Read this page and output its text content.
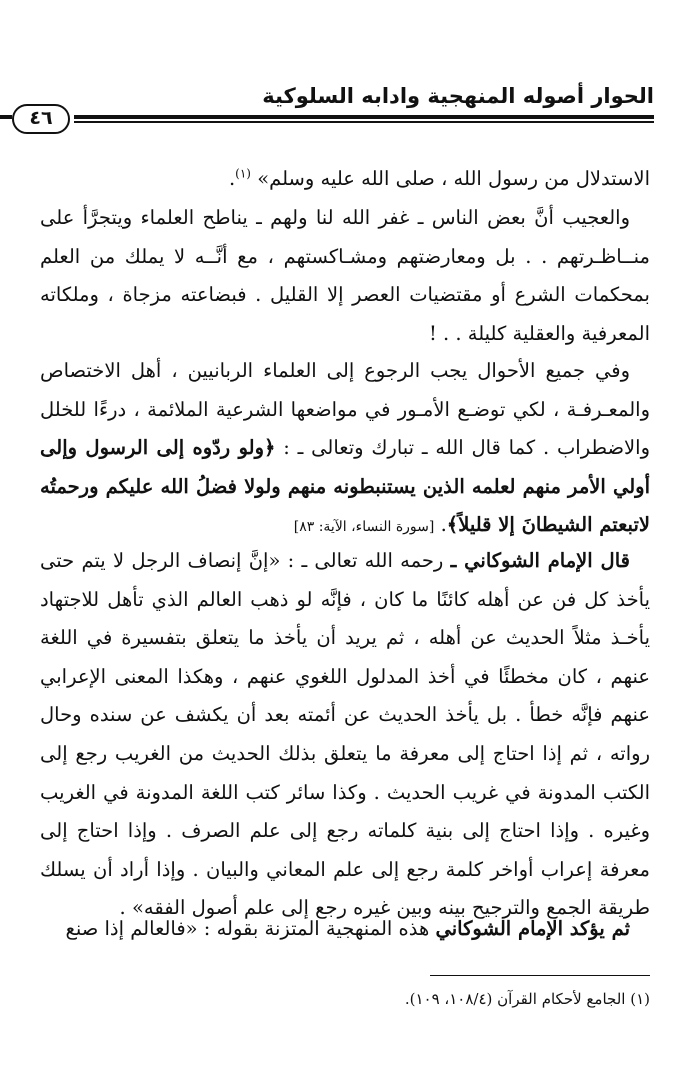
الحوار أصوله المنهجية وادابه السلوكية
٤٦

الاستدلال من رسول الله ، صلى الله عليه وسلم» $^{(١)}$.

والعجيب أنَّ بعض الناس ـ غفر الله لنا ولهم ـ يناطح العلماء ويتجرَّأ على منــاظـرتهم . . بل ومعارضتهم ومشـاكستهم ، مع أنَّــه لا يملك من العلم بمحكمات الشرع أو مقتضيات العصر إلا القليل . فبضاعته مزجاة ، وملكاته المعرفية والعقلية كليلة . . !

وفي جميع الأحوال يجب الرجوع إلى العلماء الربانيين ، أهل الاختصاص والمعـرفـة ، لكي توضـع الأمـور في مواضعها الشرعية الملائمة ، درءًا للخلل والاضطراب . كما قال الله ـ تبارك وتعالى ـ : ﴿ولو ردّوه إلى الرسول وإلى أولي الأمر منهم لعلمه الذين يستنبطونه منهم ولولا فضلُ الله عليكم ورحمتُه لاتبعتم الشيطانَ إلا قليلاً﴾. [سورة النساء، الآية: ٨٣]

قال الإمام الشوكاني ـ رحمه الله تعالى ـ : «إنَّ إنصاف الرجل لا يتم حتى يأخذ كل فن عن أهله كائنًا ما كان ، فإنَّه لو ذهب العالم الذي تأهل للاجتهاد يأخـذ مثلاً الحديث عن أهله ، ثم يريد أن يأخذ ما يتعلق بتفسيرة في اللغة عنهم ، كان مخطئًا في أخذ المدلول اللغوي عنهم ، وهكذا المعنى الإعرابي عنهم فإنَّه خطأ . بل يأخذ الحديث عن أئمته بعد أن يكشف عن سنده وحال رواته ، ثم إذا احتاج إلى معرفة ما يتعلق بذلك الحديث من الغريب رجع إلى الكتب المدونة في غريب الحديث . وكذا سائر كتب اللغة المدونة في الغريب وغيره . وإذا احتاج إلى بنية كلماته رجع إلى علم الصرف . وإذا احتاج إلى معرفة إعراب أواخر كلمة رجع إلى علم المعاني والبيان . وإذا أراد أن يسلك طريقة الجمع والترجيح بينه وبين غيره رجع إلى علم أصول الفقه» .

ثم يؤكد الإمام الشوكاني هذه المنهجية المتزنة بقوله : «فالعالم إذا صنع

(١) الجامع لأحكام القرآن (١٠٨/٤، ١٠٩).
